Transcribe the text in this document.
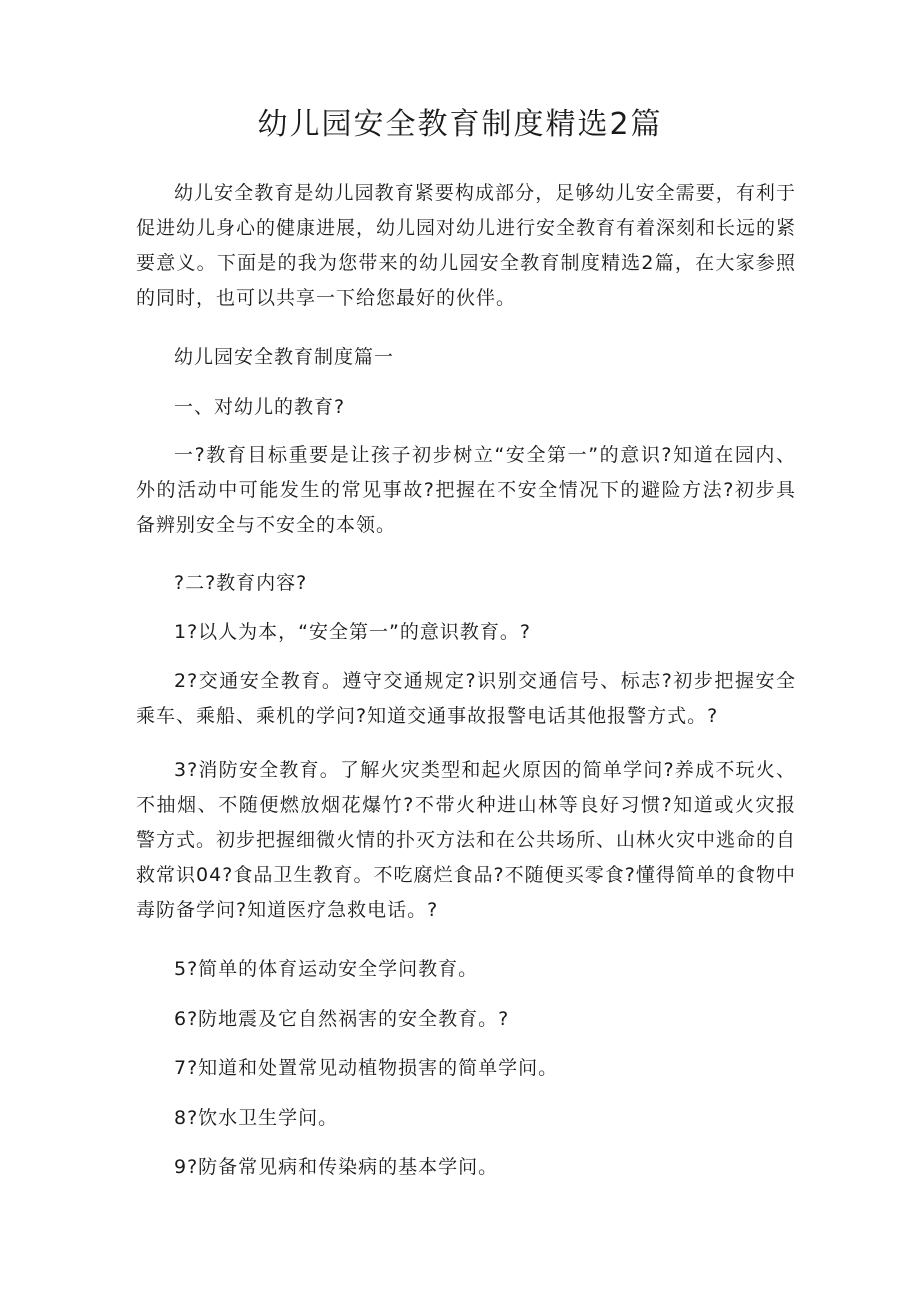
幼儿园安全教育制度精选2篇

幼儿安全教育是幼儿园教育紧要构成部分，足够幼儿安全需要，有利于促进幼儿身心的健康进展，幼儿园对幼儿进行安全教育有着深刻和长远的紧要意义。下面是的我为您带来的幼儿园安全教育制度精选2篇，在大家参照的同时，也可以共享一下给您最好的伙伴。

幼儿园安全教育制度篇一

一、对幼儿的教育?

一?教育目标重要是让孩子初步树立“安全第一”的意识?知道在园内、外的活动中可能发生的常见事故?把握在不安全情况下的避险方法?初步具备辨别安全与不安全的本领。

?二?教育内容?

1?以人为本，“安全第一”的意识教育。?

2?交通安全教育。遵守交通规定?识别交通信号、标志?初步把握安全乘车、乘船、乘机的学问?知道交通事故报警电话其他报警方式。?

3?消防安全教育。了解火灾类型和起火原因的简单学问?养成不玩火、不抽烟、不随便燃放烟花爆竹?不带火种进山林等良好习惯?知道或火灾报警方式。初步把握细微火情的扑灭方法和在公共场所、山林火灾中逃命的自救常识04?食品卫生教育。不吃腐烂食品?不随便买零食?懂得简单的食物中毒防备学问?知道医疗急救电话。?

5?简单的体育运动安全学问教育。

6?防地震及它自然祸害的安全教育。?

7?知道和处置常见动植物损害的简单学问。

8?饮水卫生学问。

9?防备常见病和传染病的基本学问。
